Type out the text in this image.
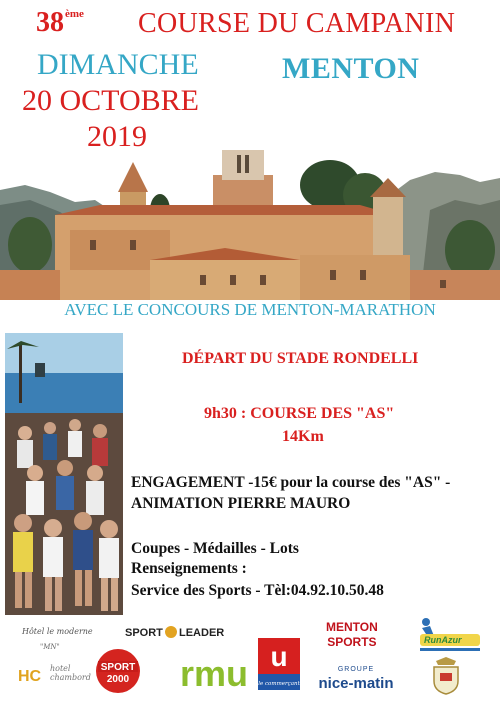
38ème COURSE DU CAMPANIN
DIMANCHE	MENTON
20 OCTOBRE
2019
AVEC LE CONCOURS DE MENTON-MARATHON
DÉPART DU STADE RONDELLI
9h30 : COURSE DES "AS"
14Km
ENGAGEMENT -15€ pour la course des "AS" - ANIMATION PIERRE MAURO
Coupes - Médailles - Lots
Renseignements :
Service des Sports - Tèl:04.92.10.50.48
Hôtel le moderne
"MN"
SPORT LEADER	MENTON
SPORTS	RunAzur
HC hotel
chambord
SPORT
2000 rmu u
le commerçant
GROUPE
nice-matin
